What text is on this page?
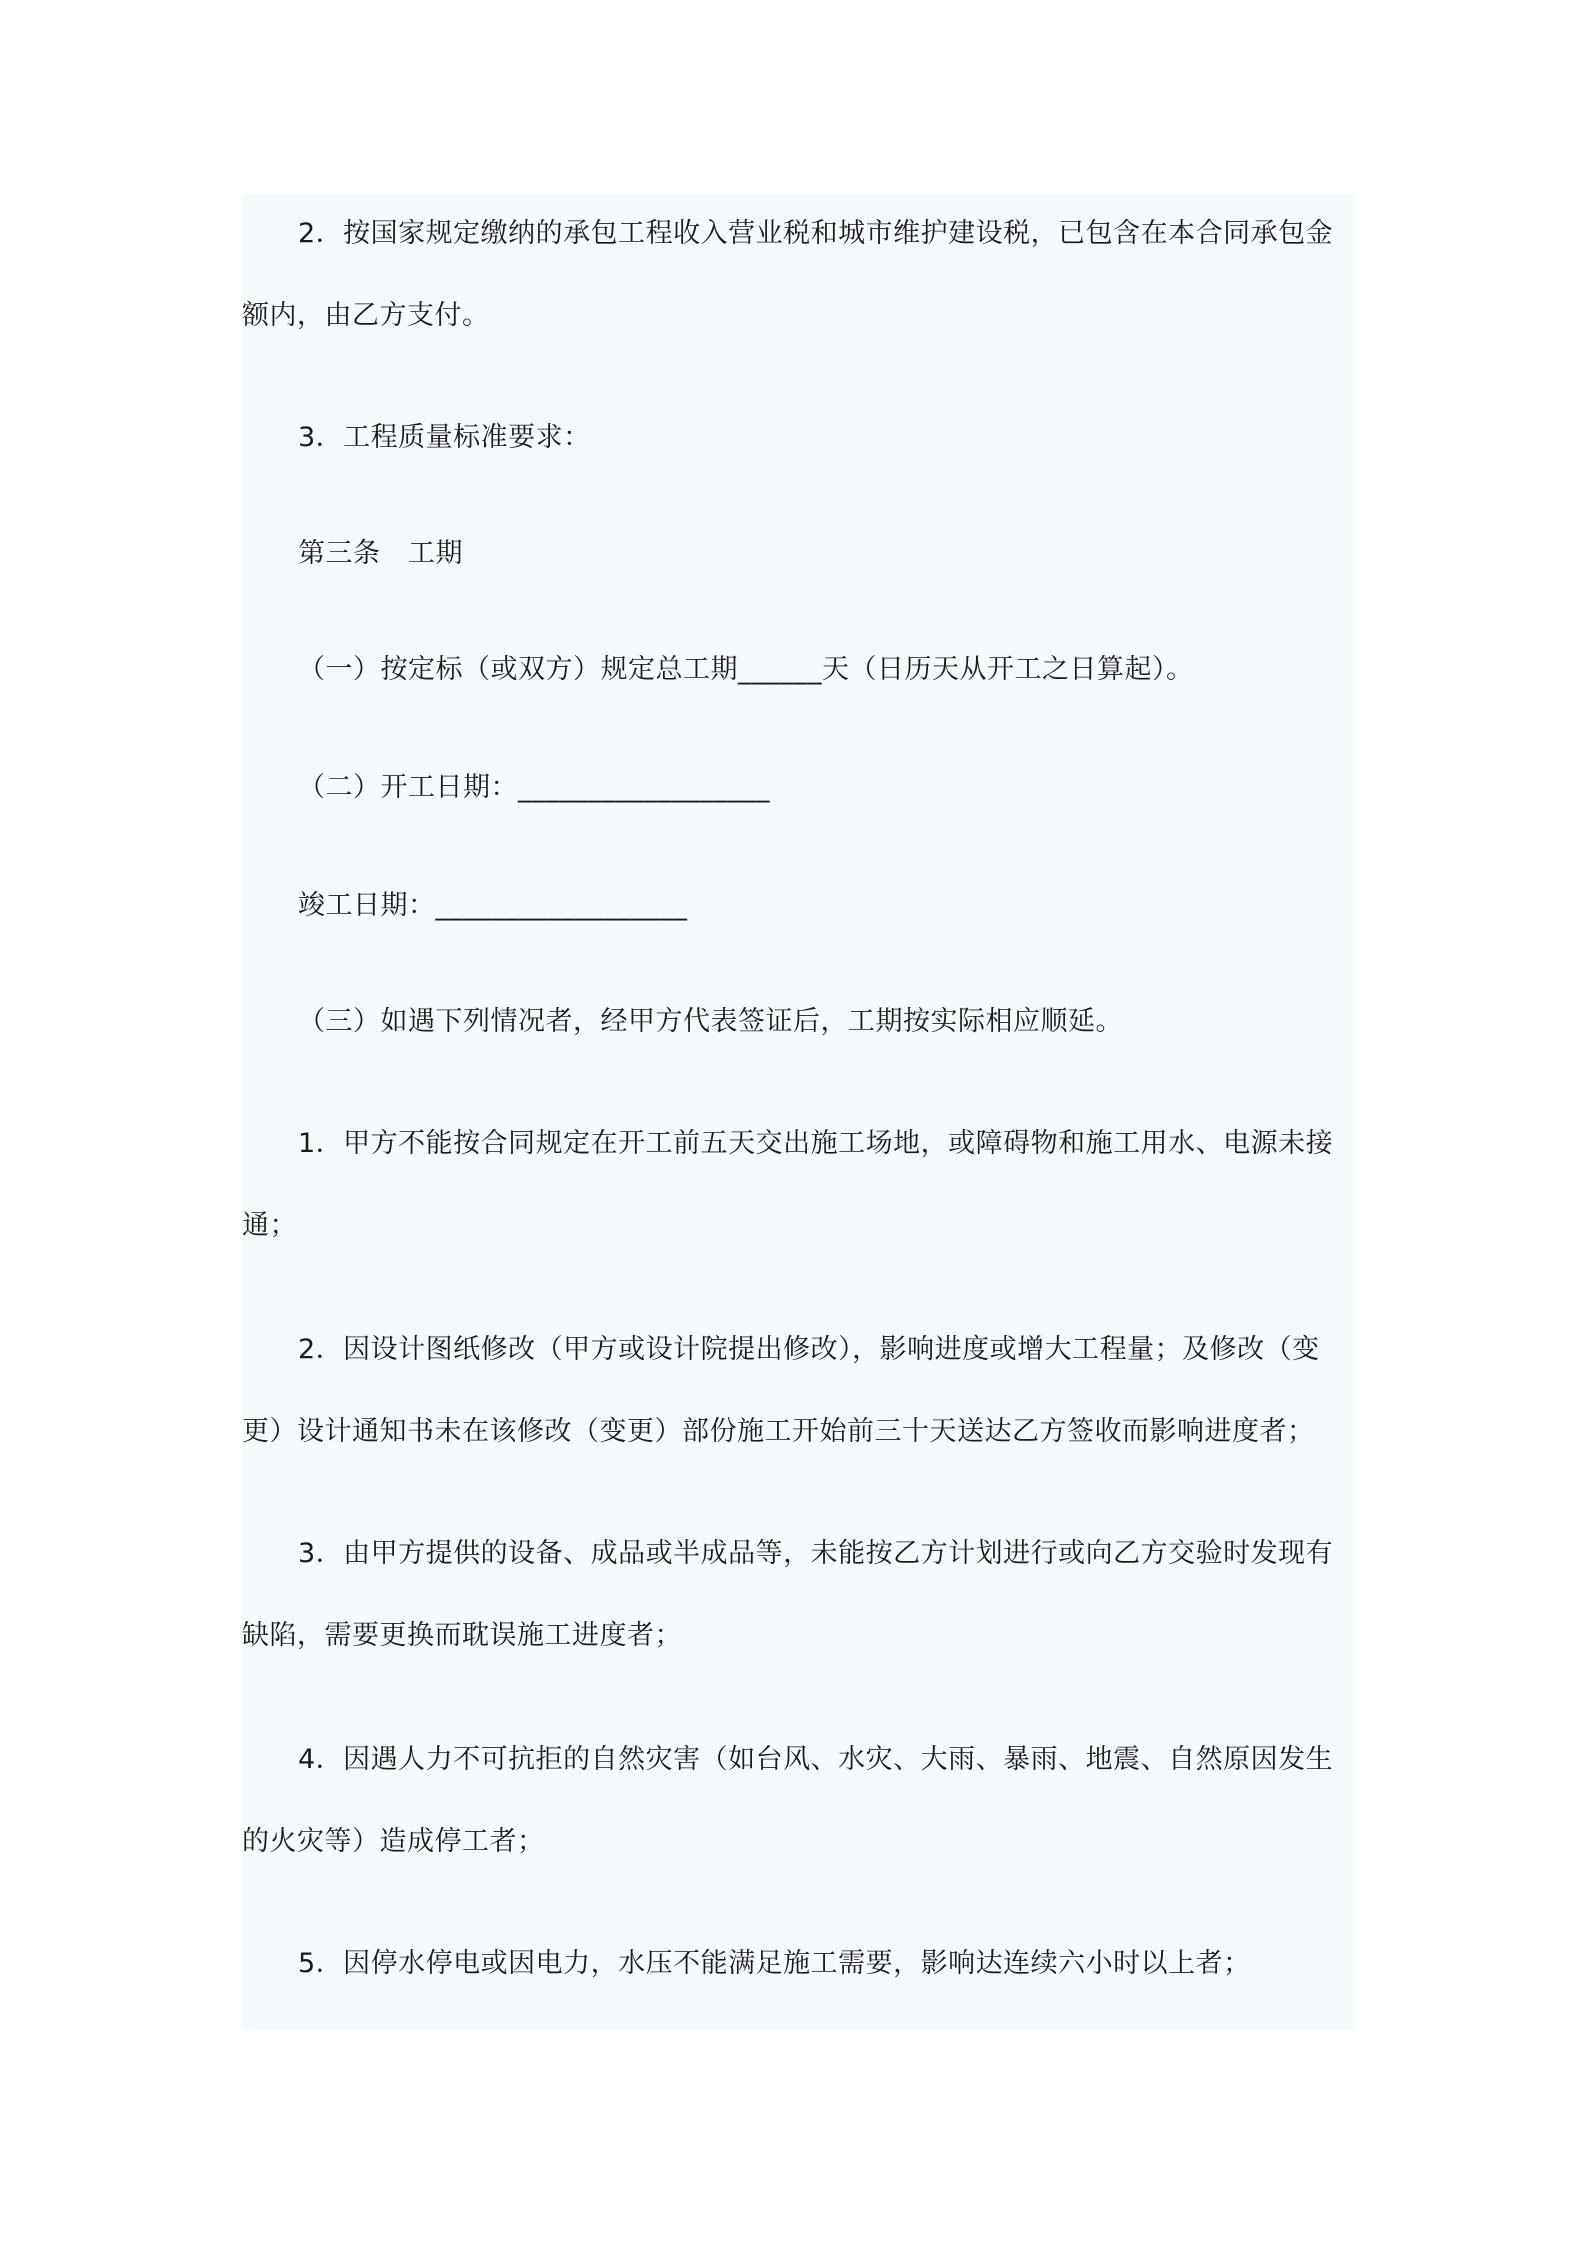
2．按国家规定缴纳的承包工程收入营业税和城市维护建设税，已包含在本合同承包金
额内，由乙方支付。
3．工程质量标准要求：
第三条　工期
（一）按定标（或双方）规定总工期______天（日历天从开工之日算起）。
（二）开工日期：__________________
竣工日期：__________________
（三）如遇下列情况者，经甲方代表签证后，工期按实际相应顺延。
1．甲方不能按合同规定在开工前五天交出施工场地，或障碍物和施工用水、电源未接
通；
2．因设计图纸修改（甲方或设计院提出修改），影响进度或增大工程量；及修改（变
更）设计通知书未在该修改（变更）部份施工开始前三十天送达乙方签收而影响进度者；
3．由甲方提供的设备、成品或半成品等，未能按乙方计划进行或向乙方交验时发现有
缺陷，需要更换而耽误施工进度者；
4．因遇人力不可抗拒的自然灾害（如台风、水灾、大雨、暴雨、地震、自然原因发生
的火灾等）造成停工者；
5．因停水停电或因电力，水压不能满足施工需要，影响达连续六小时以上者；
